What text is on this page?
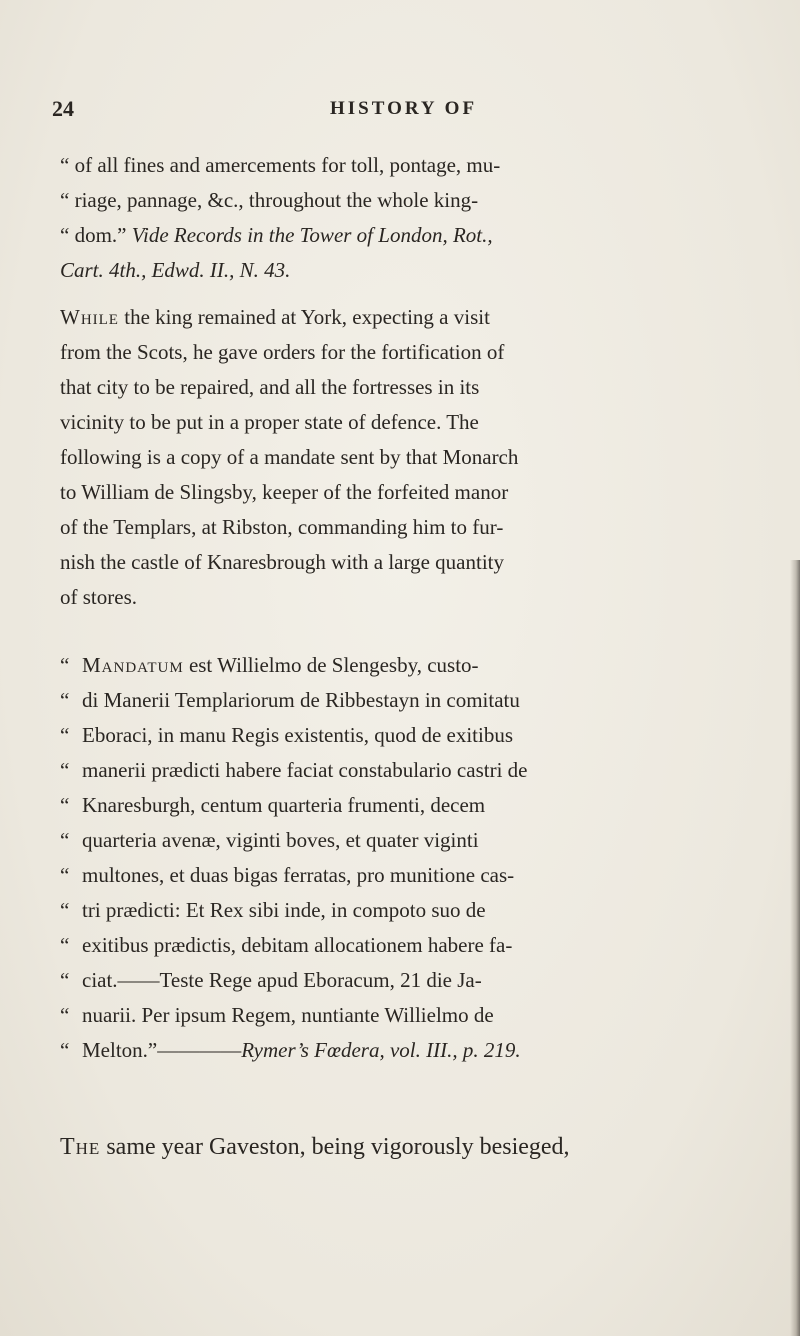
24	HISTORY OF
“ of all fines and amercements for toll, pontage, mu-
“ riage, pannage, &c., throughout the whole king-
“ dom.” Vide Records in the Tower of London, Rot.,
Cart. 4th., Edwd. II., N. 43.
While the king remained at York, expecting a visit
from the Scots, he gave orders for the fortification of
that city to be repaired, and all the fortresses in its
vicinity to be put in a proper state of defence. The
following is a copy of a mandate sent by that Monarch
to William de Slingsby, keeper of the forfeited manor
of the Templars, at Ribston, commanding him to fur-
nish the castle of Knaresbrough with a large quantity
of stores.
“ Mandatum est Willielmo de Slengesby, custo-
“ di Manerii Templariorum de Ribbestayn in comitatu
“ Eboraci, in manu Regis existentis, quod de exitibus
“ manerii prædicti habere faciat constabulario castri de
“ Knaresburgh, centum quarteria frumenti, decem
“ quarteria avenæ, viginti boves, et quater viginti
“ multones, et duas bigas ferratas, pro munitione cas-
“ tri prædicti: Et Rex sibi inde, in compoto suo de
“ exitibus prædictis, debitam allocationem habere fa-
“ ciat.——Teste Rege apud Eboracum, 21 die Ja-
“ nuarii. Per ipsum Regem, nuntiante Willielmo de
“ Melton.”————Rymer’s Fœdera, vol. III., p. 219.
The same year Gaveston, being vigorously besieged,
